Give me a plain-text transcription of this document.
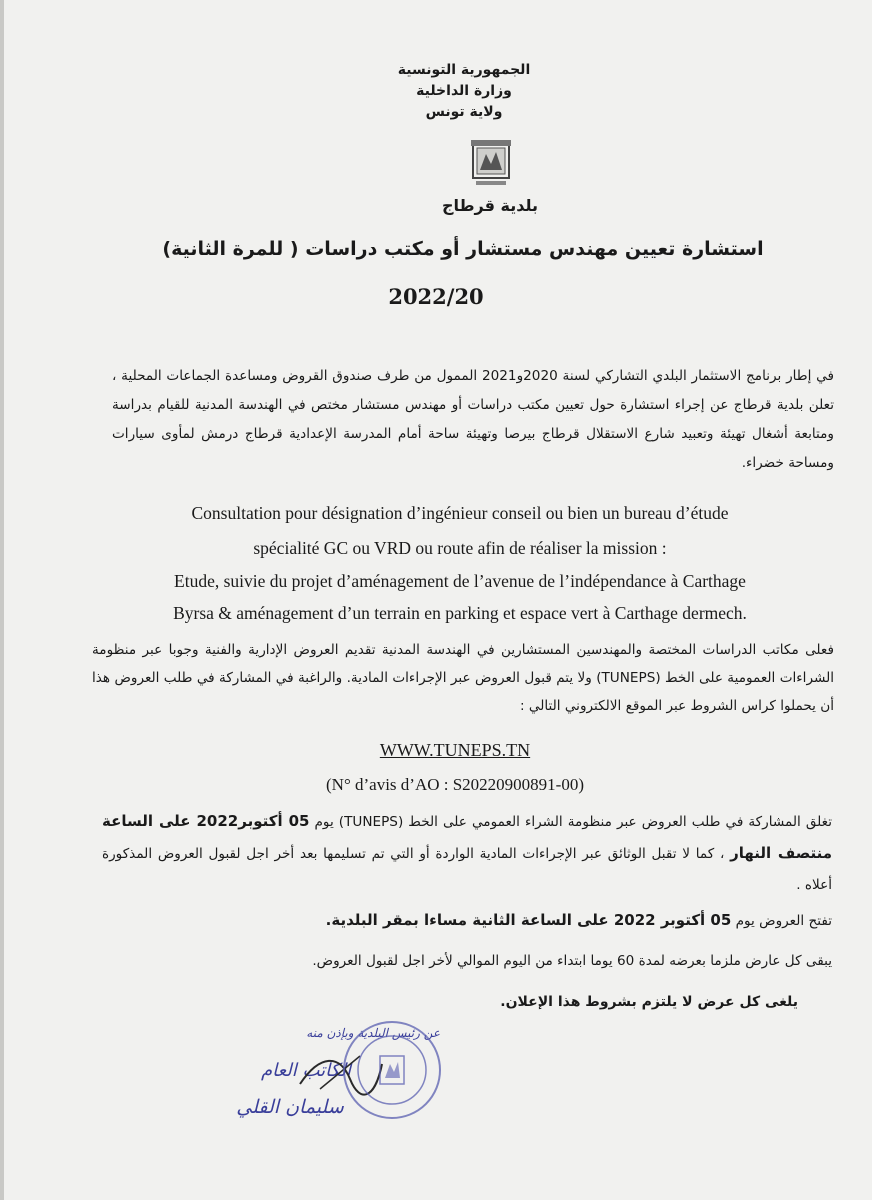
الجمهورية التونسية
وزارة الداخلية
ولاية تونس
بلدية قرطاج
استشارة تعيين مهندس مستشار أو مكتب دراسات ( للمرة الثانية)
2022/20
في إطار برنامج الاستثمار البلدي التشاركي لسنة 2020و2021 الممول من طرف صندوق القروض ومساعدة الجماعات المحلية ، تعلن بلدية قرطاج عن إجراء استشارة حول تعيين مكتب دراسات أو مهندس مستشار مختص في الهندسة المدنية للقيام بدراسة ومتابعة أشغال تهيئة وتعبيد شارع الاستقلال قرطاج بيرصا وتهيئة ساحة أمام المدرسة الإعدادية قرطاج درمش لمأوى سيارات ومساحة خضراء.
Consultation pour désignation d’ingénieur conseil ou bien un bureau d’étude
spécialité GC ou VRD ou route afin de réaliser la mission :
Etude, suivie du projet d’aménagement de l’avenue de l’indépendance à Carthage
Byrsa & aménagement d’un terrain en parking et espace vert à Carthage dermech.
فعلى مكاتب الدراسات المختصة والمهندسين المستشارين في الهندسة المدنية تقديم العروض الإدارية والفنية وجوبا عبر منظومة الشراءات العمومية على الخط (TUNEPS) ولا يتم قبول العروض عبر الإجراءات المادية. والراغبة في المشاركة في طلب العروض هذا أن يحملوا كراس الشروط عبر الموقع الالكتروني التالي :
WWW.TUNEPS.TN
(N° d’avis d’AO : S20220900891-00)
تغلق المشاركة في طلب العروض عبر منظومة الشراء العمومي على الخط (TUNEPS) يوم 05 أكتوبر2022 على الساعة منتصف النهار ، كما لا تقبل الوثائق عبر الإجراءات المادية الواردة أو التي تم تسليمها بعد أخر اجل لقبول العروض المذكورة أعلاه .
تفتح العروض يوم 05 أكتوبر 2022 على الساعة الثانية مساءا بمقر البلدية.
يبقى كل عارض ملزما بعرضه لمدة 60 يوما ابتداء من اليوم الموالي لأخر اجل لقبول العروض.
يلغى كل عرض لا يلتزم بشروط هذا الإعلان.
عن رئيس البلدية وبإذن منه
الكاتب العام
سليمان القلي
